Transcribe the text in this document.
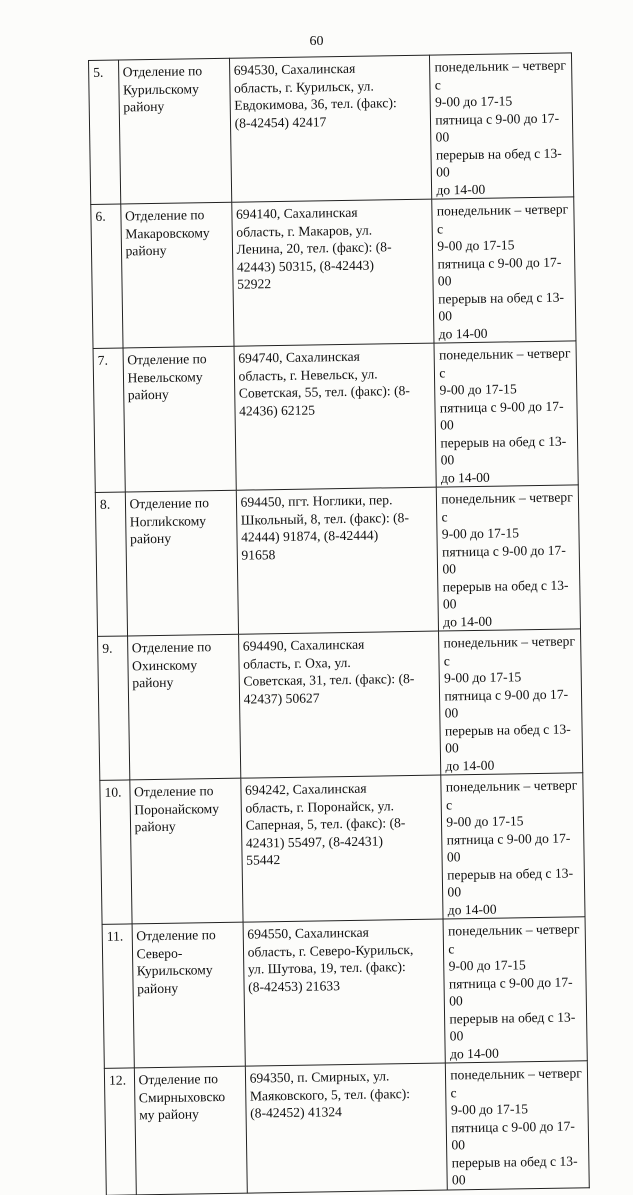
60
5.	Отделение по
Курильскому
району	694530, Сахалинская
область, г. Курильск, ул.
Евдокимова, 36, тел. (факс):
(8-42454) 42417	понедельник – четверг с
9-00 до 17-15
пятница с 9-00 до 17-00
перерыв на обед с 13-00
до 14-00
6.	Отделение по
Макаровскому
району	694140, Сахалинская
область, г. Макаров, ул.
Ленина, 20, тел. (факс): (8-
42443) 50315, (8-42443)
52922	понедельник – четверг с
9-00 до 17-15
пятница с 9-00 до 17-00
перерыв на обед с 13-00
до 14-00
7.	Отделение по
Невельскому
району	694740, Сахалинская
область, г. Невельск, ул.
Советская, 55, тел. (факс): (8-
42436) 62125	понедельник – четверг с
9-00 до 17-15
пятница с 9-00 до 17-00
перерыв на обед с 13-00
до 14-00
8.	Отделение по
Ноглиkскому
району	694450, пгт. Ноглики, пер.
Школьный, 8, тел. (факс): (8-
42444) 91874, (8-42444)
91658	понедельник – четверг с
9-00 до 17-15
пятница с 9-00 до 17-00
перерыв на обед с 13-00
до 14-00
9.	Отделение по
Охинскому
району	694490, Сахалинская
область, г. Оха, ул.
Советская, 31, тел. (факс): (8-
42437) 50627	понедельник – четверг с
9-00 до 17-15
пятница с 9-00 до 17-00
перерыв на обед с 13-00
до 14-00
10.	Отделение по
Поронайскому
району	694242, Сахалинская
область, г. Поронайск, ул.
Саперная, 5, тел. (факс): (8-
42431) 55497, (8-42431)
55442	понедельник – четверг с
9-00 до 17-15
пятница с 9-00 до 17-00
перерыв на обед с 13-00
до 14-00
11.	Отделение по
Северо-
Курильскому
району	694550, Сахалинская
область, г. Северо-Курильск,
ул. Шутова, 19, тел. (факс):
(8-42453) 21633	понедельник – четверг с
9-00 до 17-15
пятница с 9-00 до 17-00
перерыв на обед с 13-00
до 14-00
12.	Отделение по
Смирныховско
му району	694350, п. Смирных, ул.
Маяковского, 5, тел. (факс):
(8-42452) 41324	понедельник – четверг с
9-00 до 17-15
пятница с 9-00 до 17-00
перерыв на обед с 13-00
